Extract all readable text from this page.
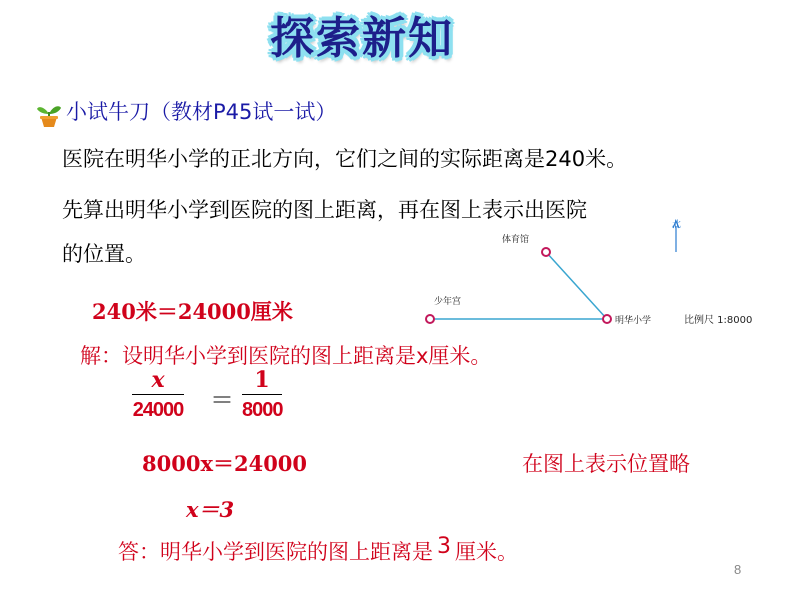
探索新知
小试牛刀（教材P45试一试）
医院在明华小学的正北方向，它们之间的实际距离是240米。
先算出明华小学到医院的图上距离，再在图上表示出医院
的位置。
体育馆
少年宫
明华小学	比例尺 1:8000
北
240米＝24000厘米
解：设明华小学到医院的图上距离是x厘米。
x
24000 ＝
1
8000
8000x＝24000	在图上表示位置略
x＝3
答：明华小学到医院的图上距离是 3 厘米。
8
